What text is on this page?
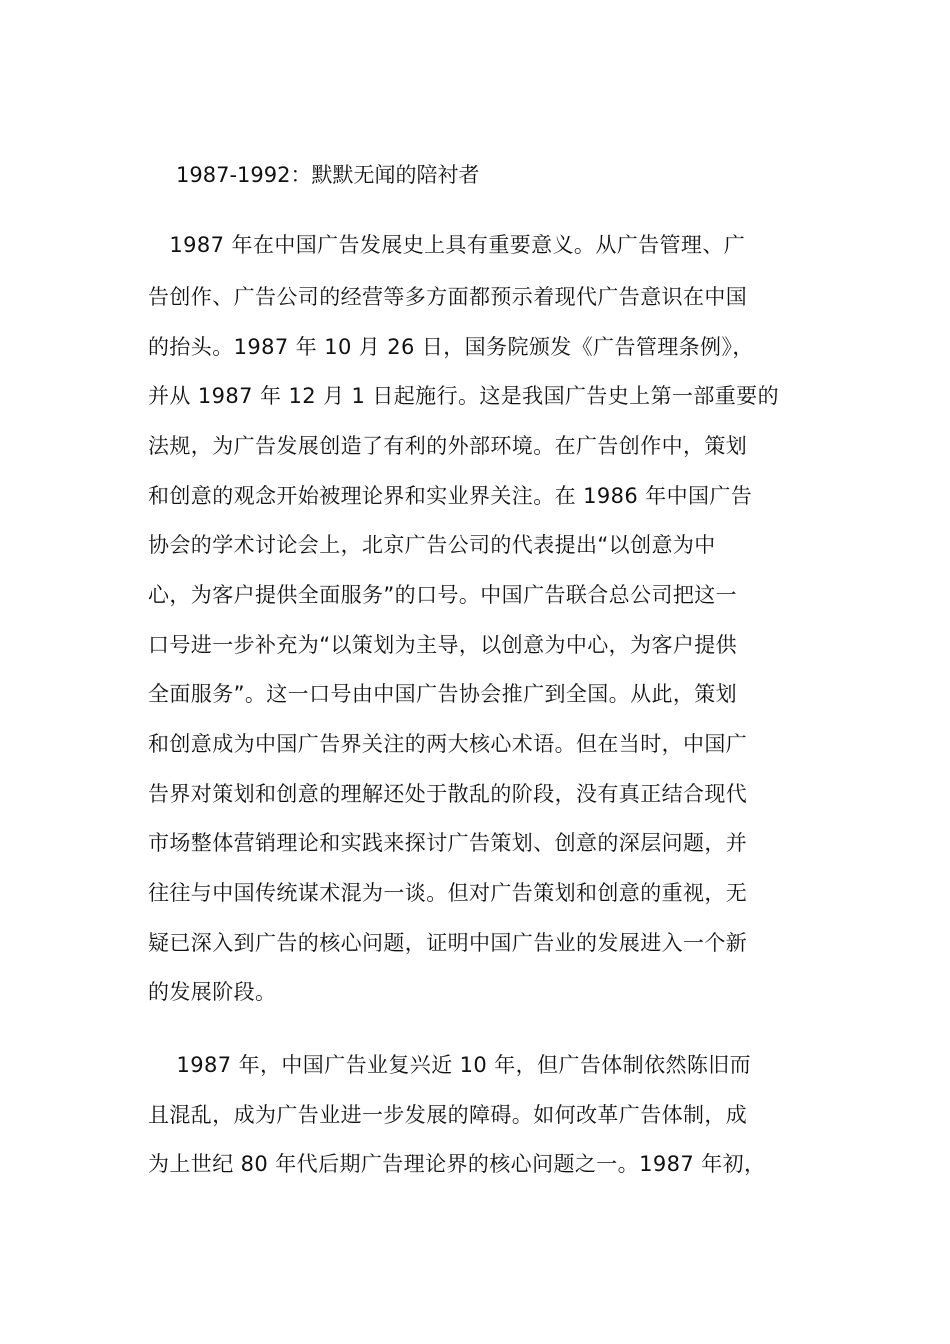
1987-1992：默默无闻的陪衬者
　1987 年在中国广告发展史上具有重要意义。从广告管理、广
告创作、广告公司的经营等多方面都预示着现代广告意识在中国
的抬头。1987 年 10 月 26 日，国务院颁发《广告管理条例》，
并从 1987 年 12 月 1 日起施行。这是我国广告史上第一部重要的
法规，为广告发展创造了有利的外部环境。在广告创作中，策划
和创意的观念开始被理论界和实业界关注。在 1986 年中国广告
协会的学术讨论会上，北京广告公司的代表提出“以创意为中
心，为客户提供全面服务”的口号。中国广告联合总公司把这一
口号进一步补充为“以策划为主导，以创意为中心，为客户提供
全面服务”。这一口号由中国广告协会推广到全国。从此，策划
和创意成为中国广告界关注的两大核心术语。但在当时，中国广
告界对策划和创意的理解还处于散乱的阶段，没有真正结合现代
市场整体营销理论和实践来探讨广告策划、创意的深层问题，并
往往与中国传统谋术混为一谈。但对广告策划和创意的重视，无
疑已深入到广告的核心问题，证明中国广告业的发展进入一个新
的发展阶段。
　 1987 年，中国广告业复兴近 10 年，但广告体制依然陈旧而
且混乱，成为广告业进一步发展的障碍。如何改革广告体制，成
为上世纪 80 年代后期广告理论界的核心问题之一。1987 年初，
